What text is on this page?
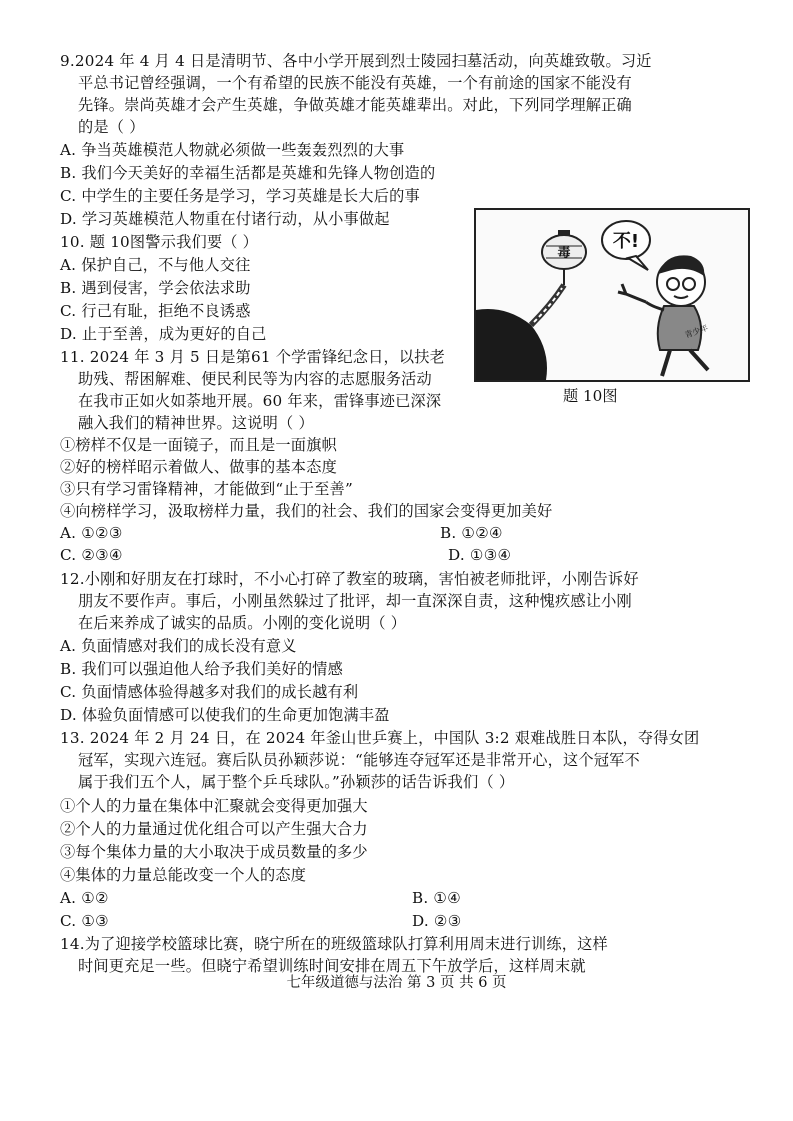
9.2024 年 4 月 4 日是清明节、各中小学开展到烈士陵园扫墓活动，向英雄致敬。习近
平总书记曾经强调，一个有希望的民族不能没有英雄，一个有前途的国家不能没有
先锋。崇尚英雄才会产生英雄，争做英雄才能英雄辈出。对此，下列同学理解正确
的是（ ）
A. 争当英雄模范人物就必须做一些轰轰烈烈的大事
B. 我们今天美好的幸福生活都是英雄和先锋人物创造的
C. 中学生的主要任务是学习，学习英雄是长大后的事
D. 学习英雄模范人物重在付诸行动，从小事做起
10. 题 10图警示我们要（ ）
A. 保护自己，不与他人交往
B. 遇到侵害，学会依法求助
C. 行己有耻，拒绝不良诱惑
D. 止于至善，成为更好的自己
毒
不!
青少年
题 10图
11. 2024 年 3 月 5 日是第61 个学雷锋纪念日，以扶老
助残、帮困解难、便民利民等为内容的志愿服务活动
在我市正如火如荼地开展。60 年来，雷锋事迹已深深
融入我们的精神世界。这说明（ ）
①榜样不仅是一面镜子，而且是一面旗帜
②好的榜样昭示着做人、做事的基本态度
③只有学习雷锋精神，才能做到“止于至善”
④向榜样学习，汲取榜样力量，我们的社会、我们的国家会变得更加美好
A. ①②③	B. ①②④
C. ②③④	D. ①③④
12.小刚和好朋友在打球时，不小心打碎了教室的玻璃，害怕被老师批评，小刚告诉好
朋友不要作声。事后，小刚虽然躲过了批评，却一直深深自责，这种愧疚感让小刚
在后来养成了诚实的品质。小刚的变化说明（ ）
A. 负面情感对我们的成长没有意义
B. 我们可以强迫他人给予我们美好的情感
C. 负面情感体验得越多对我们的成长越有利
D. 体验负面情感可以使我们的生命更加饱满丰盈
13. 2024 年 2 月 24 日，在 2024 年釜山世乒赛上，中国队 3:2 艰难战胜日本队，夺得女团
冠军，实现六连冠。赛后队员孙颖莎说：“能够连夺冠军还是非常开心，这个冠军不
属于我们五个人，属于整个乒乓球队。”孙颖莎的话告诉我们（ ）
①个人的力量在集体中汇聚就会变得更加强大
②个人的力量通过优化组合可以产生强大合力
③每个集体力量的大小取决于成员数量的多少
④集体的力量总能改变一个人的态度
A. ①②	B. ①④
C. ①③	D. ②③
14.为了迎接学校篮球比赛，晓宁所在的班级篮球队打算利用周末进行训练，这样
时间更充足一些。但晓宁希望训练时间安排在周五下午放学后，这样周末就
七年级道德与法治 第 3 页 共 6 页
